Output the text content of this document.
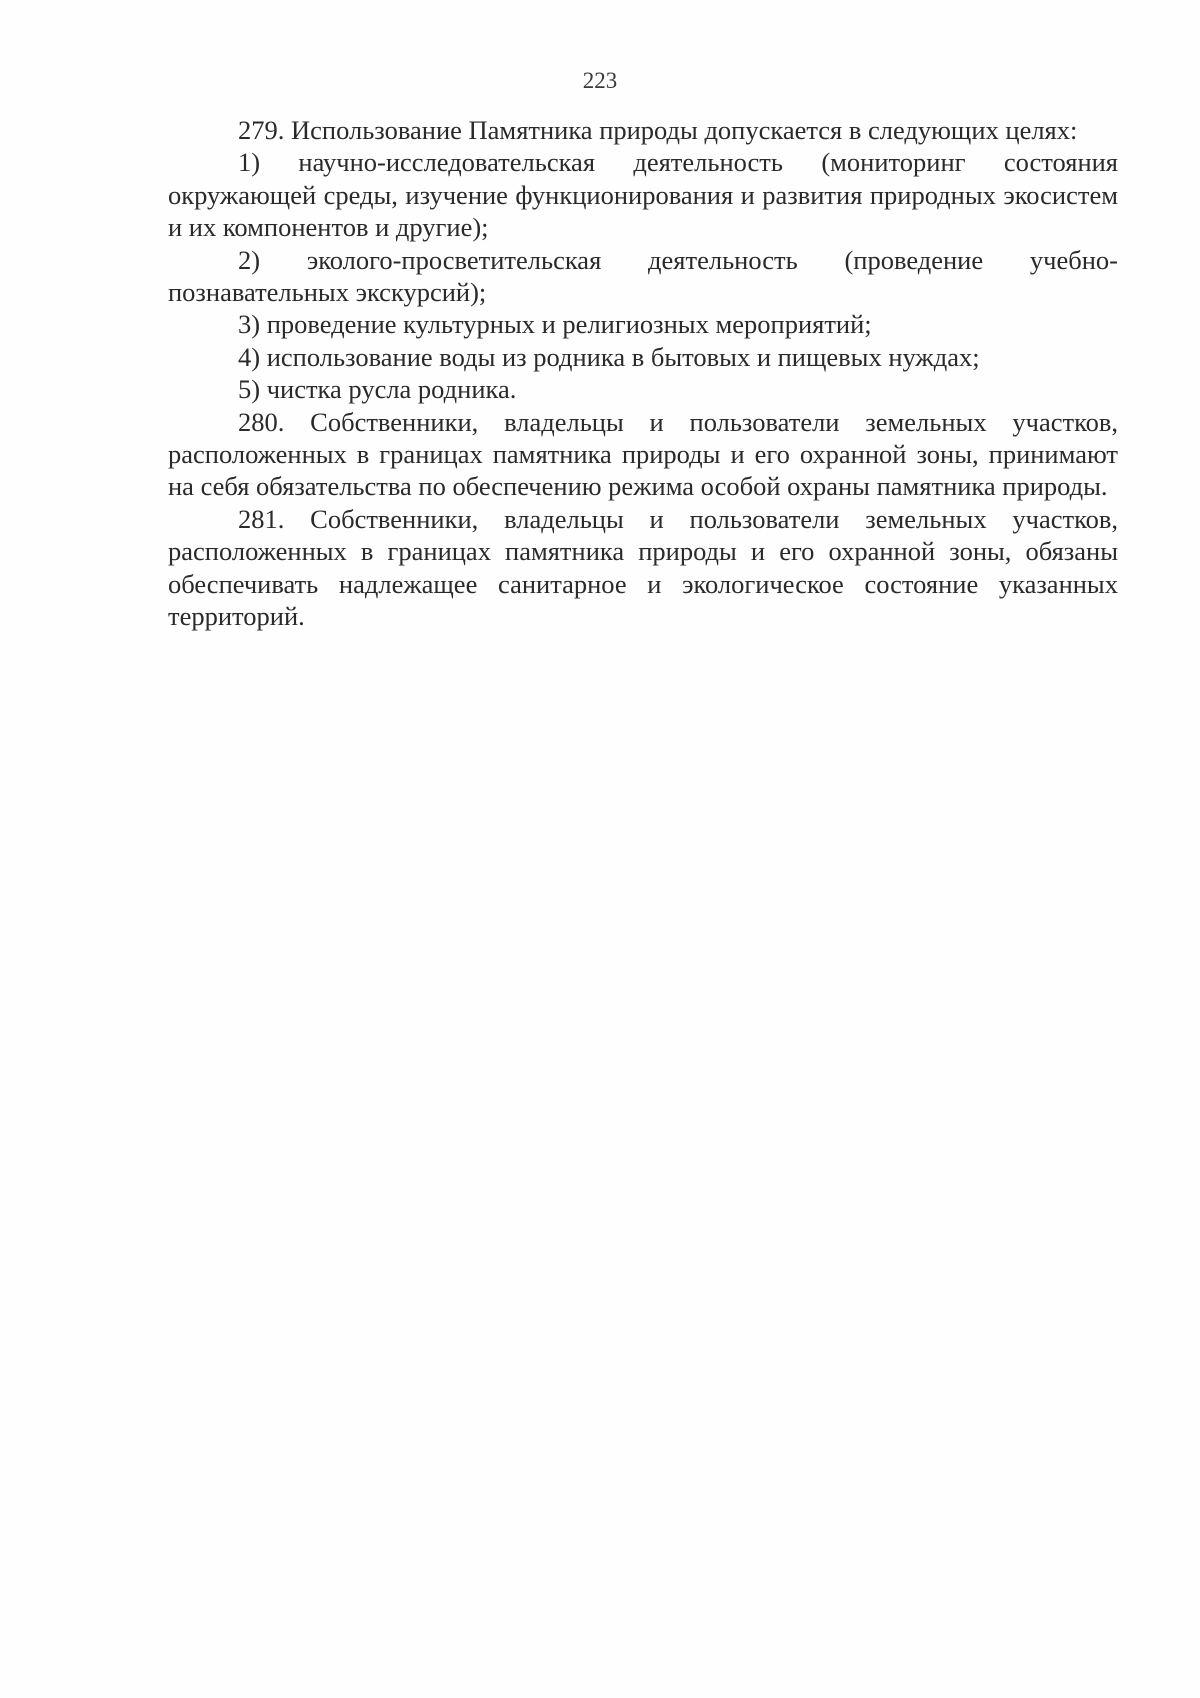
223

279. Использование Памятника природы допускается в следующих целях:

1) научно-исследовательская деятельность (мониторинг состояния окружающей среды, изучение функционирования и развития природных экосистем и их компонентов и другие);

2) эколого-просветительская деятельность (проведение учебно-познавательных экскурсий);

3) проведение культурных и религиозных мероприятий;

4) использование воды из родника в бытовых и пищевых нуждах;

5) чистка русла родника.

280. Собственники, владельцы и пользователи земельных участков, расположенных в границах памятника природы и его охранной зоны, принимают на себя обязательства по обеспечению режима особой охраны памятника природы.

281. Собственники, владельцы и пользователи земельных участков, расположенных в границах памятника природы и его охранной зоны, обязаны обеспечивать надлежащее санитарное и экологическое состояние указанных территорий.
